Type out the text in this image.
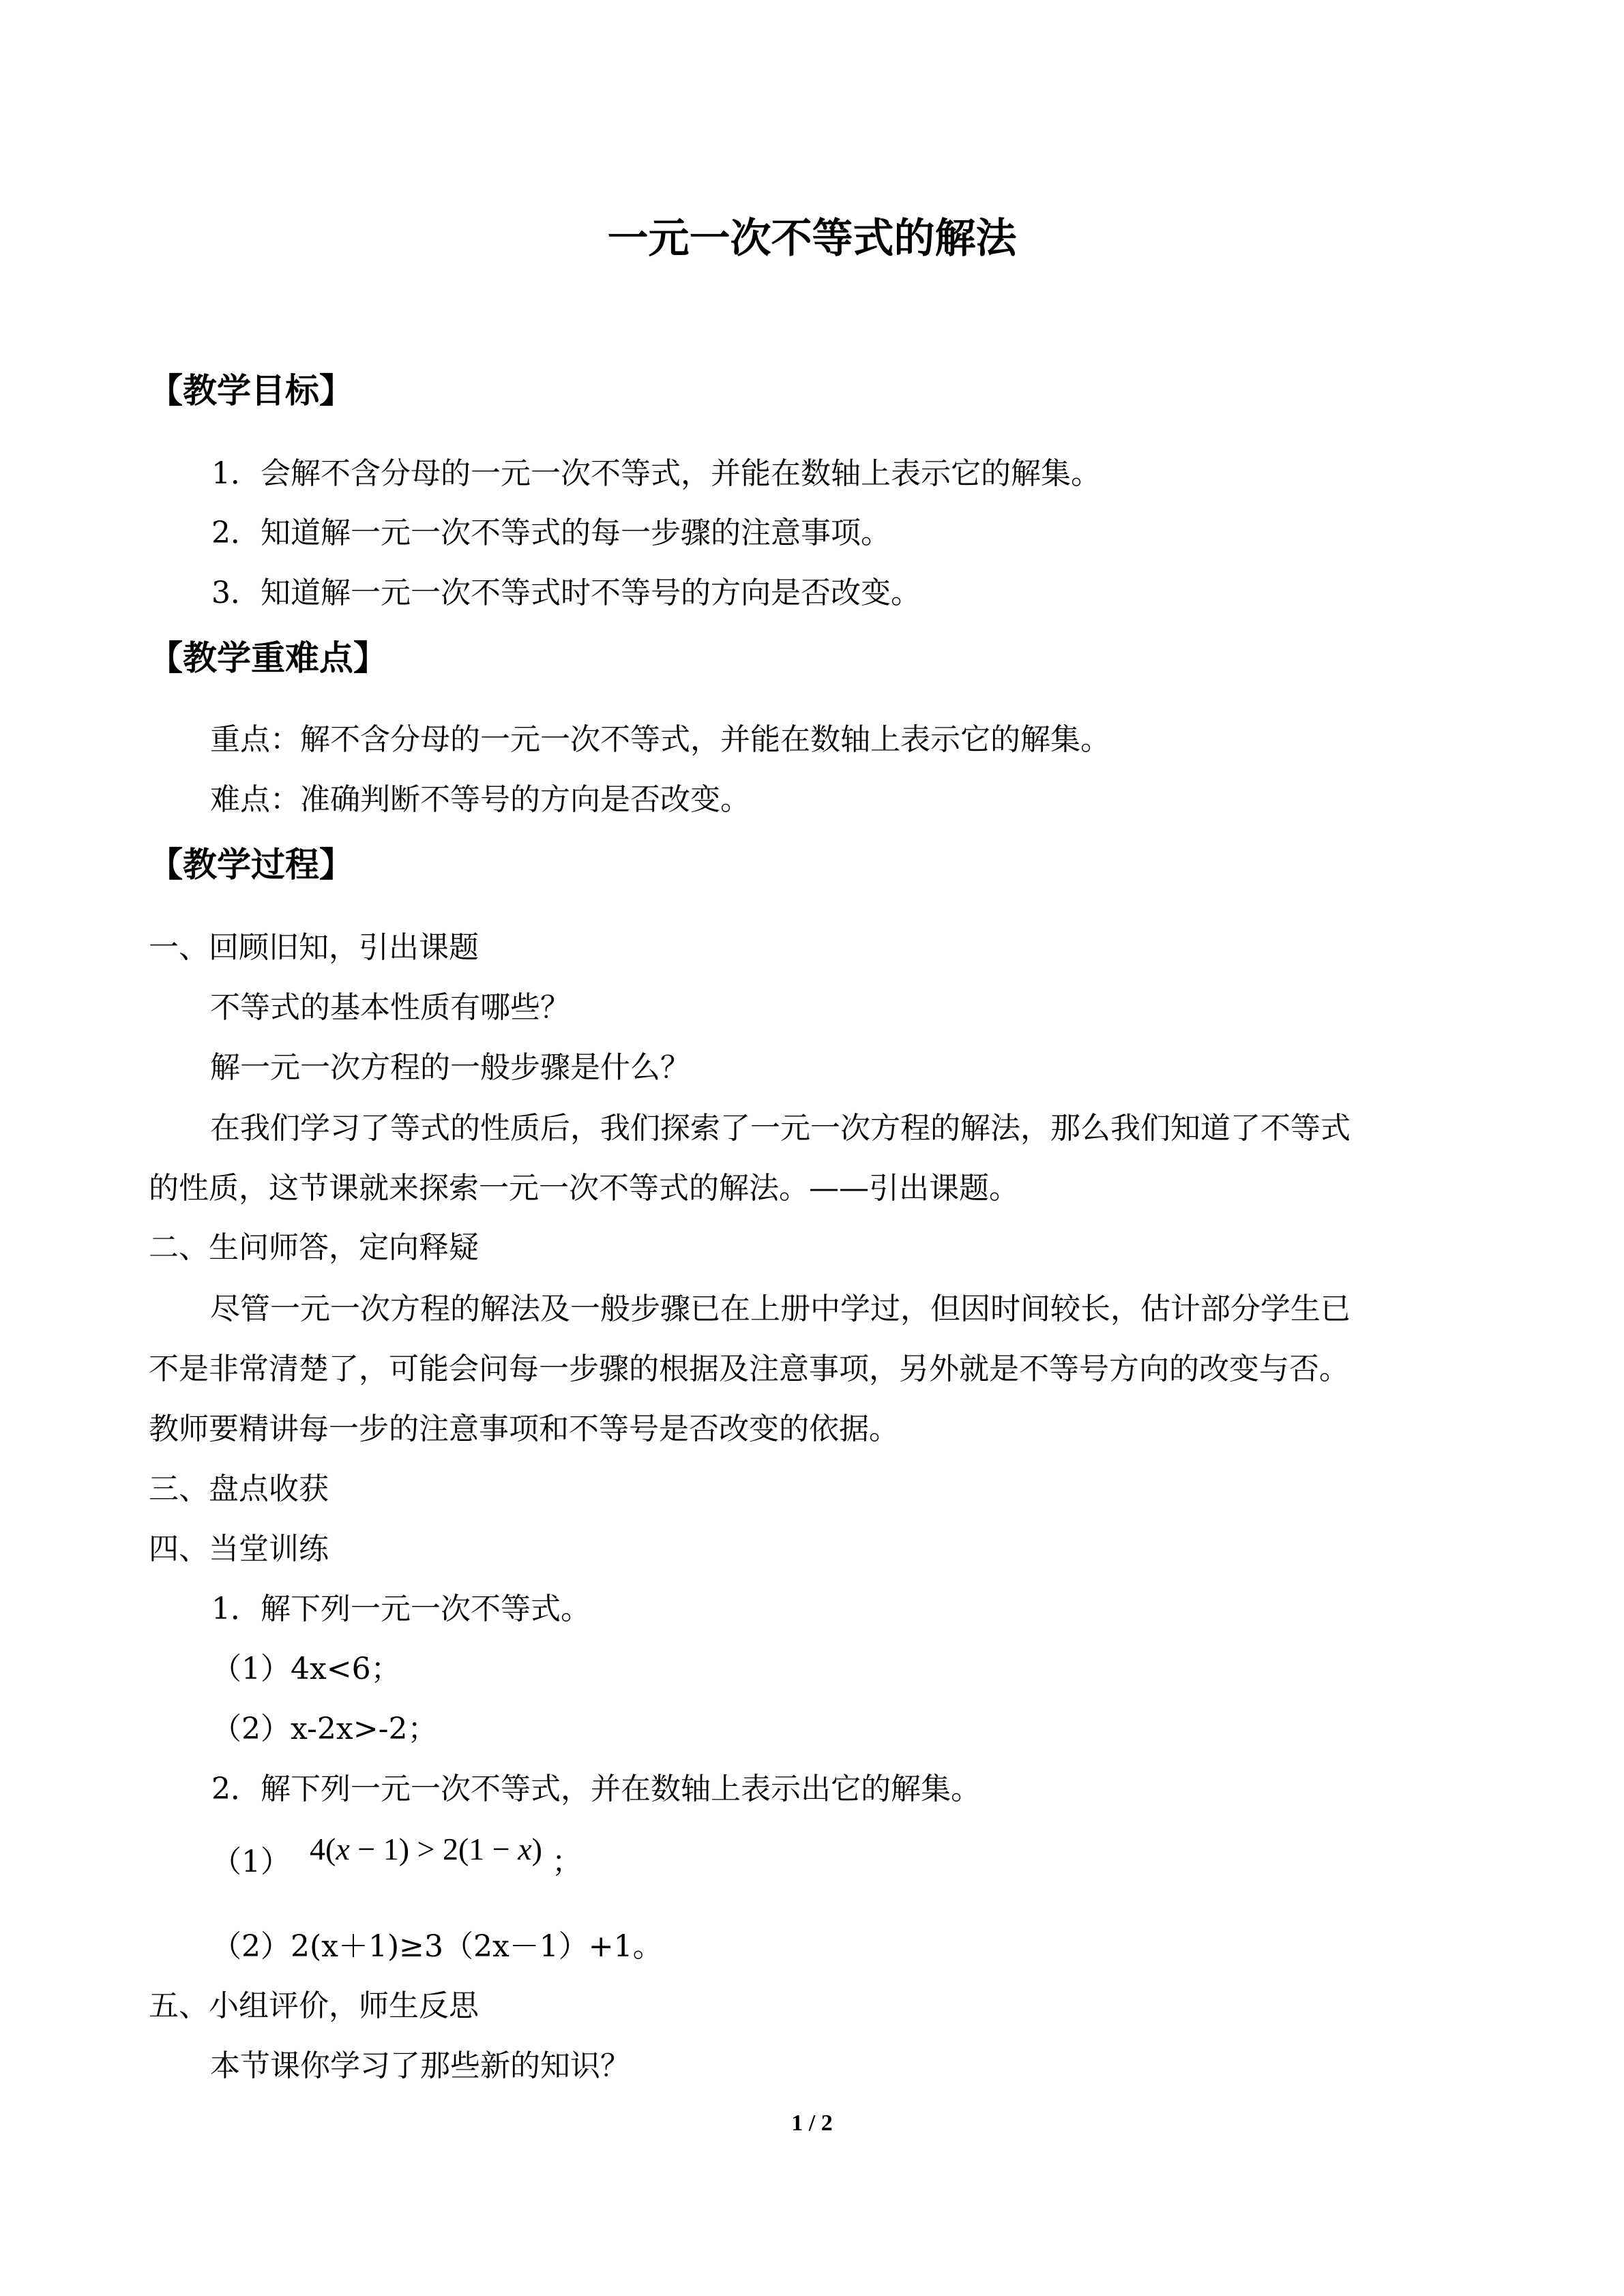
一元一次不等式的解法
【教学目标】
1．会解不含分母的一元一次不等式，并能在数轴上表示它的解集。
2．知道解一元一次不等式的每一步骤的注意事项。
3．知道解一元一次不等式时不等号的方向是否改变。
【教学重难点】
重点：解不含分母的一元一次不等式，并能在数轴上表示它的解集。
难点：准确判断不等号的方向是否改变。
【教学过程】
一、回顾旧知，引出课题
不等式的基本性质有哪些？
解一元一次方程的一般步骤是什么？
在我们学习了等式的性质后，我们探索了一元一次方程的解法，那么我们知道了不等式
的性质，这节课就来探索一元一次不等式的解法。——引出课题。
二、生问师答，定向释疑
尽管一元一次方程的解法及一般步骤已在上册中学过，但因时间较长，估计部分学生已
不是非常清楚了，可能会问每一步骤的根据及注意事项，另外就是不等号方向的改变与否。
教师要精讲每一步的注意事项和不等号是否改变的依据。
三、盘点收获
四、当堂训练
1．解下列一元一次不等式。
（1）4x<6；
（2）x-2x>-2；
2．解下列一元一次不等式，并在数轴上表示出它的解集。
（1） 4(x − 1) > 2(1 − x) ；
（2）2(x＋1)≥3（2x－1）+1。
五、小组评价，师生反思
本节课你学习了那些新的知识？
1 / 2
